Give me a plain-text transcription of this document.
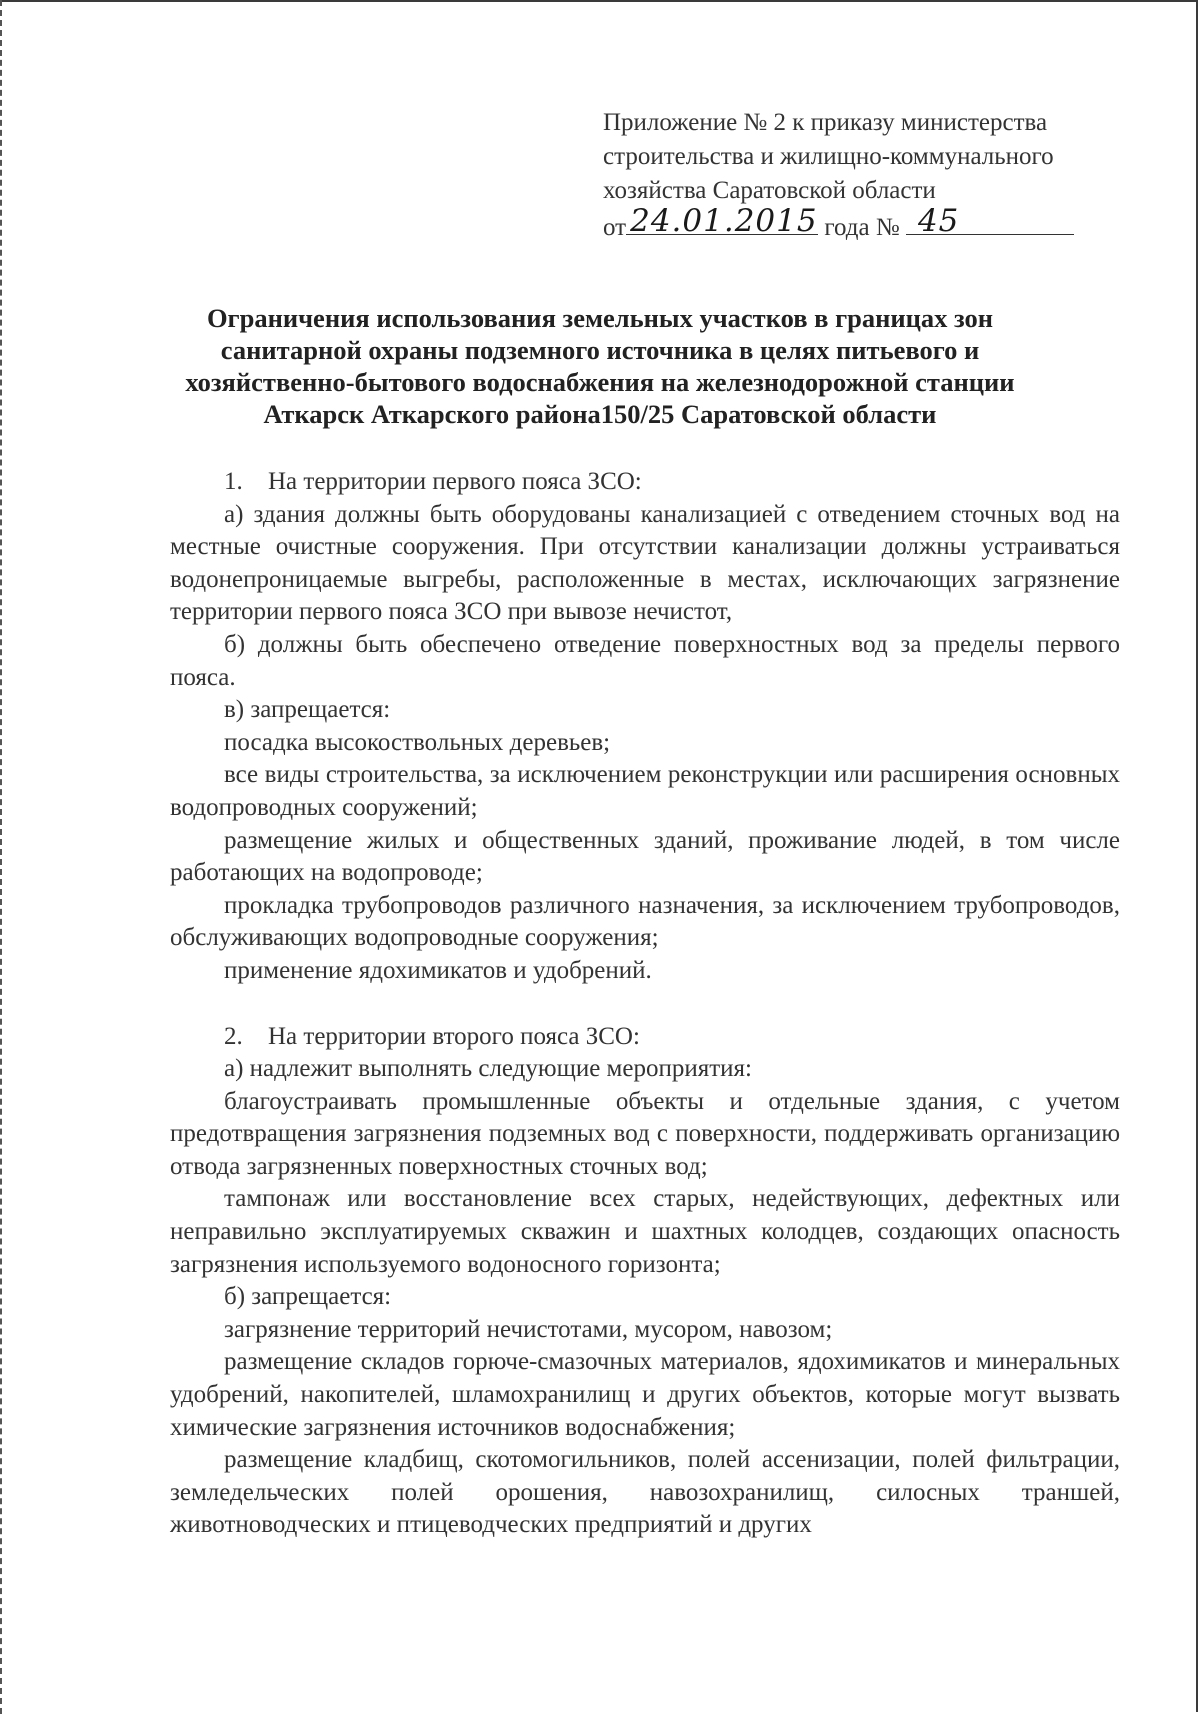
Приложение № 2 к приказу министерства
строительства и жилищно-коммунального
хозяйства Саратовской области
от 24.01.2015 года № 45
Ограничения использования земельных участков в границах зон
санитарной охраны подземного источника в целях питьевого и
хозяйственно-бытового водоснабжения на железнодорожной станции
Аткарск Аткарского района150/25 Саратовской области

1. На территории первого пояса ЗСО:

а) здания должны быть оборудованы канализацией с отведением сточных вод на местные очистные сооружения. При отсутствии канализации должны устраиваться водонепроницаемые выгребы, расположенные в местах, исключающих загрязнение территории первого пояса ЗСО при вывозе нечистот,

б) должны быть обеспечено отведение поверхностных вод за пределы первого пояса.

в) запрещается:

посадка высокоствольных деревьев;

все виды строительства, за исключением реконструкции или расширения основных водопроводных сооружений;

размещение жилых и общественных зданий, проживание людей, в том числе работающих на водопроводе;

прокладка трубопроводов различного назначения, за исключением трубопроводов, обслуживающих водопроводные сооружения;

применение ядохимикатов и удобрений.

2. На территории второго пояса ЗСО:

а) надлежит выполнять следующие мероприятия:

благоустраивать промышленные объекты и отдельные здания, с учетом предотвращения загрязнения подземных вод с поверхности, поддерживать организацию отвода загрязненных поверхностных сточных вод;

тампонаж или восстановление всех старых, недействующих, дефектных или неправильно эксплуатируемых скважин и шахтных колодцев, создающих опасность загрязнения используемого водоносного горизонта;

б) запрещается:

загрязнение территорий нечистотами, мусором, навозом;

размещение складов горюче-смазочных материалов, ядохимикатов и минеральных удобрений, накопителей, шламохранилищ и других объектов, которые могут вызвать химические загрязнения источников водоснабжения;

размещение кладбищ, скотомогильников, полей ассенизации, полей фильтрации, земледельческих полей орошения, навозохранилищ, силосных траншей, животноводческих и птицеводческих предприятий и других
